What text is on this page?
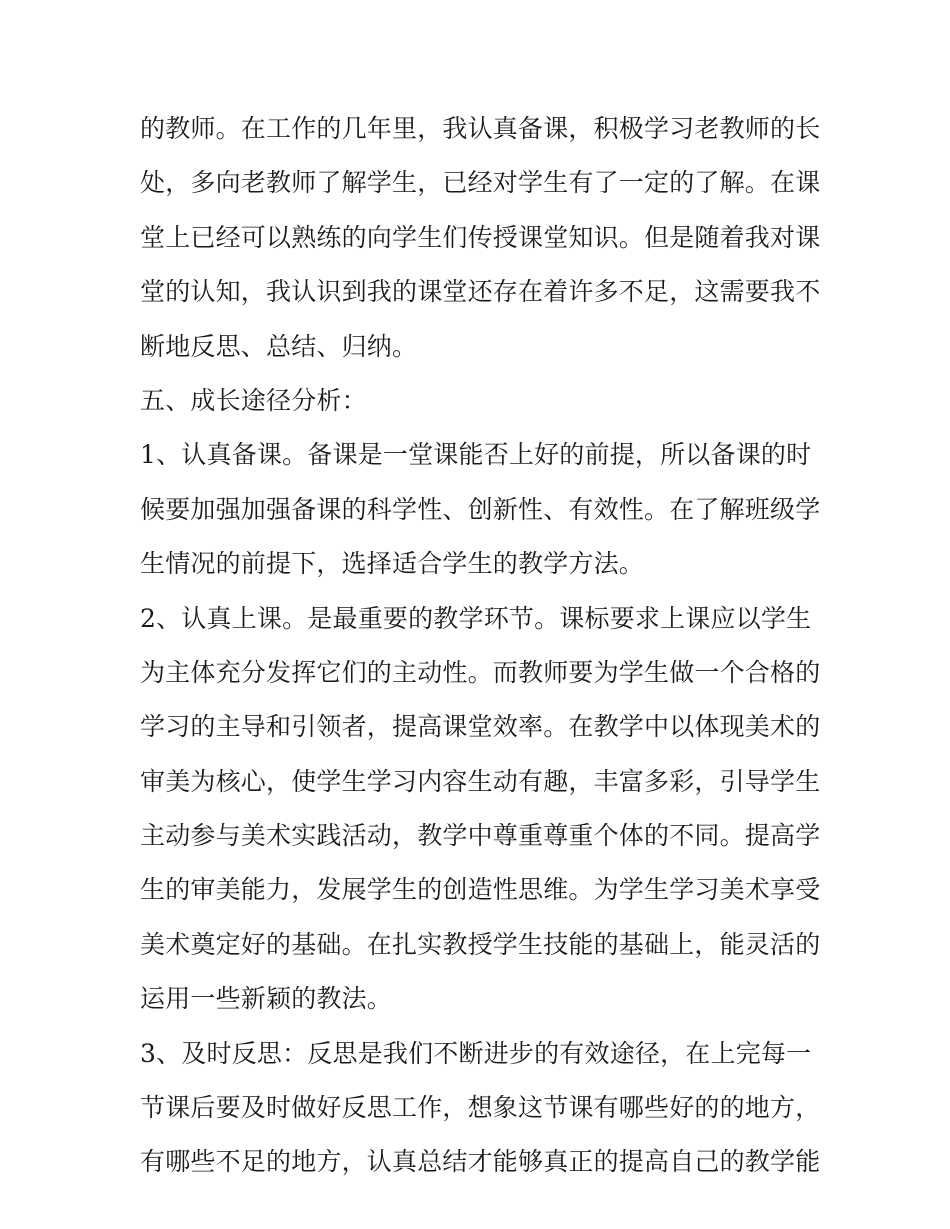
的教师。在工作的几年里，我认真备课，积极学习老教师的长
处，多向老教师了解学生，已经对学生有了一定的了解。在课
堂上已经可以熟练的向学生们传授课堂知识。但是随着我对课
堂的认知，我认识到我的课堂还存在着许多不足，这需要我不
断地反思、总结、归纳。
五、成长途径分析：
1、认真备课。备课是一堂课能否上好的前提，所以备课的时
候要加强加强备课的科学性、创新性、有效性。在了解班级学
生情况的前提下，选择适合学生的教学方法。
2、认真上课。是最重要的教学环节。课标要求上课应以学生
为主体充分发挥它们的主动性。而教师要为学生做一个合格的
学习的主导和引领者，提高课堂效率。在教学中以体现美术的
审美为核心，使学生学习内容生动有趣，丰富多彩，引导学生
主动参与美术实践活动，教学中尊重尊重个体的不同。提高学
生的审美能力，发展学生的创造性思维。为学生学习美术享受
美术奠定好的基础。在扎实教授学生技能的基础上，能灵活的
运用一些新颖的教法。
3、及时反思：反思是我们不断进步的有效途径，在上完每一
节课后要及时做好反思工作，想象这节课有哪些好的的地方，
有哪些不足的地方，认真总结才能够真正的提高自己的教学能
